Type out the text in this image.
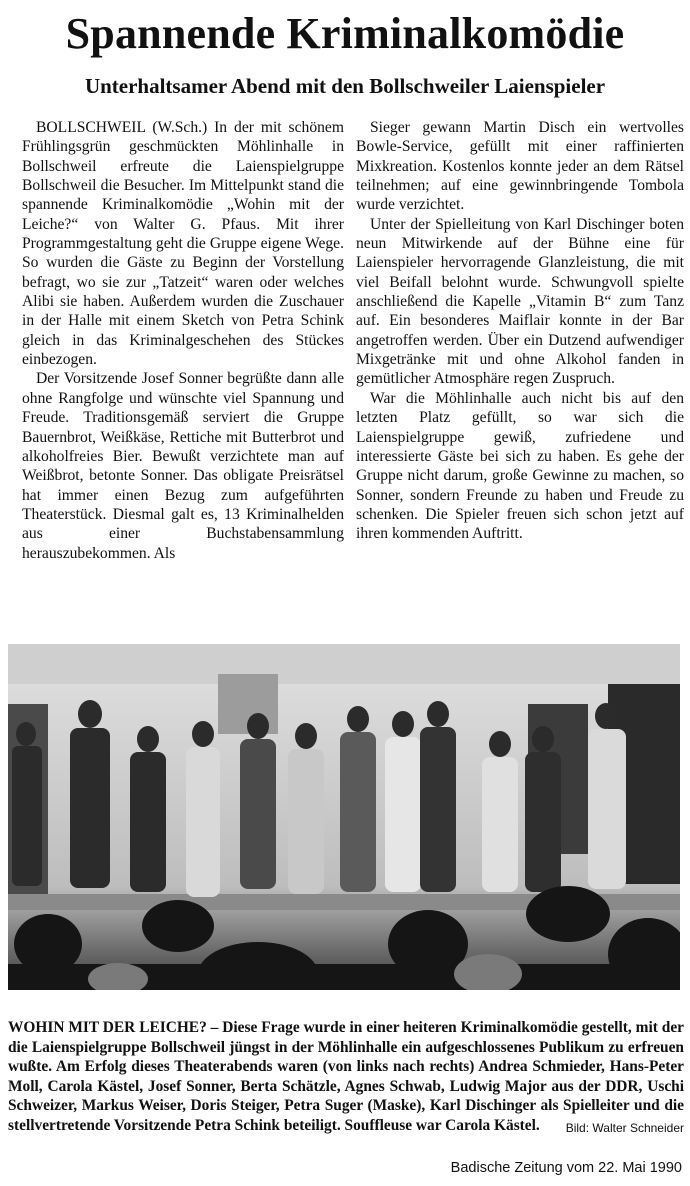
Spannende Kriminalkomödie
Unterhaltsamer Abend mit den Bollschweiler Laienspieler

BOLLSCHWEIL (W.Sch.) In der mit schönem Frühlingsgrün geschmückten Möhlinhalle in Bollschweil erfreute die Laienspielgruppe Bollschweil die Besucher. Im Mittelpunkt stand die spannende Kriminalkomödie „Wohin mit der Leiche?“ von Walter G. Pfaus. Mit ihrer Programmgestaltung geht die Gruppe eigene Wege. So wurden die Gäste zu Beginn der Vorstellung befragt, wo sie zur „Tatzeit“ waren oder welches Alibi sie haben. Außerdem wurden die Zuschauer in der Halle mit einem Sketch von Petra Schink gleich in das Kriminalgeschehen des Stückes einbezogen.

Der Vorsitzende Josef Sonner begrüßte dann alle ohne Rangfolge und wünschte viel Spannung und Freude. Traditionsgemäß serviert die Gruppe Bauernbrot, Weißkäse, Rettiche mit Butterbrot und alkoholfreies Bier. Bewußt verzichtete man auf Weißbrot, betonte Sonner. Das obligate Preisrätsel hat immer einen Bezug zum aufgeführten Theaterstück. Diesmal galt es, 13 Kriminalhelden aus einer Buchstabensammlung herauszubekommen. Als

Sieger gewann Martin Disch ein wertvolles Bowle-Service, gefüllt mit einer raffinierten Mixkreation. Kostenlos konnte jeder an dem Rätsel teilnehmen; auf eine gewinnbringende Tombola wurde verzichtet.

Unter der Spielleitung von Karl Dischinger boten neun Mitwirkende auf der Bühne eine für Laienspieler hervorragende Glanzleistung, die mit viel Beifall belohnt wurde. Schwungvoll spielte anschließend die Kapelle „Vitamin B“ zum Tanz auf. Ein besonderes Maiflair konnte in der Bar angetroffen werden. Über ein Dutzend aufwendiger Mixgetränke mit und ohne Alkohol fanden in gemütlicher Atmosphäre regen Zuspruch.

War die Möhlinhalle auch nicht bis auf den letzten Platz gefüllt, so war sich die Laienspielgruppe gewiß, zufriedene und interessierte Gäste bei sich zu haben. Es gehe der Gruppe nicht darum, große Gewinne zu machen, so Sonner, sondern Freunde zu haben und Freude zu schenken. Die Spieler freuen sich schon jetzt auf ihren kommenden Auftritt.

WOHIN MIT DER LEICHE? – Diese Frage wurde in einer heiteren Kriminalkomödie gestellt, mit der die Laienspielgruppe Bollschweil jüngst in der Möhlinhalle ein aufgeschlossenes Publikum zu erfreuen wußte. Am Erfolg dieses Theaterabends waren (von links nach rechts) Andrea Schmieder, Hans-Peter Moll, Carola Kästel, Josef Sonner, Berta Schätzle, Agnes Schwab, Ludwig Major aus der DDR, Uschi Schweizer, Markus Weiser, Doris Steiger, Petra Suger (Maske), Karl Dischinger als Spielleiter und die stellvertretende Vorsitzende Petra Schink beteiligt. Souffleuse war Carola Kästel. Bild: Walter Schneider
Badische Zeitung vom 22. Mai 1990
